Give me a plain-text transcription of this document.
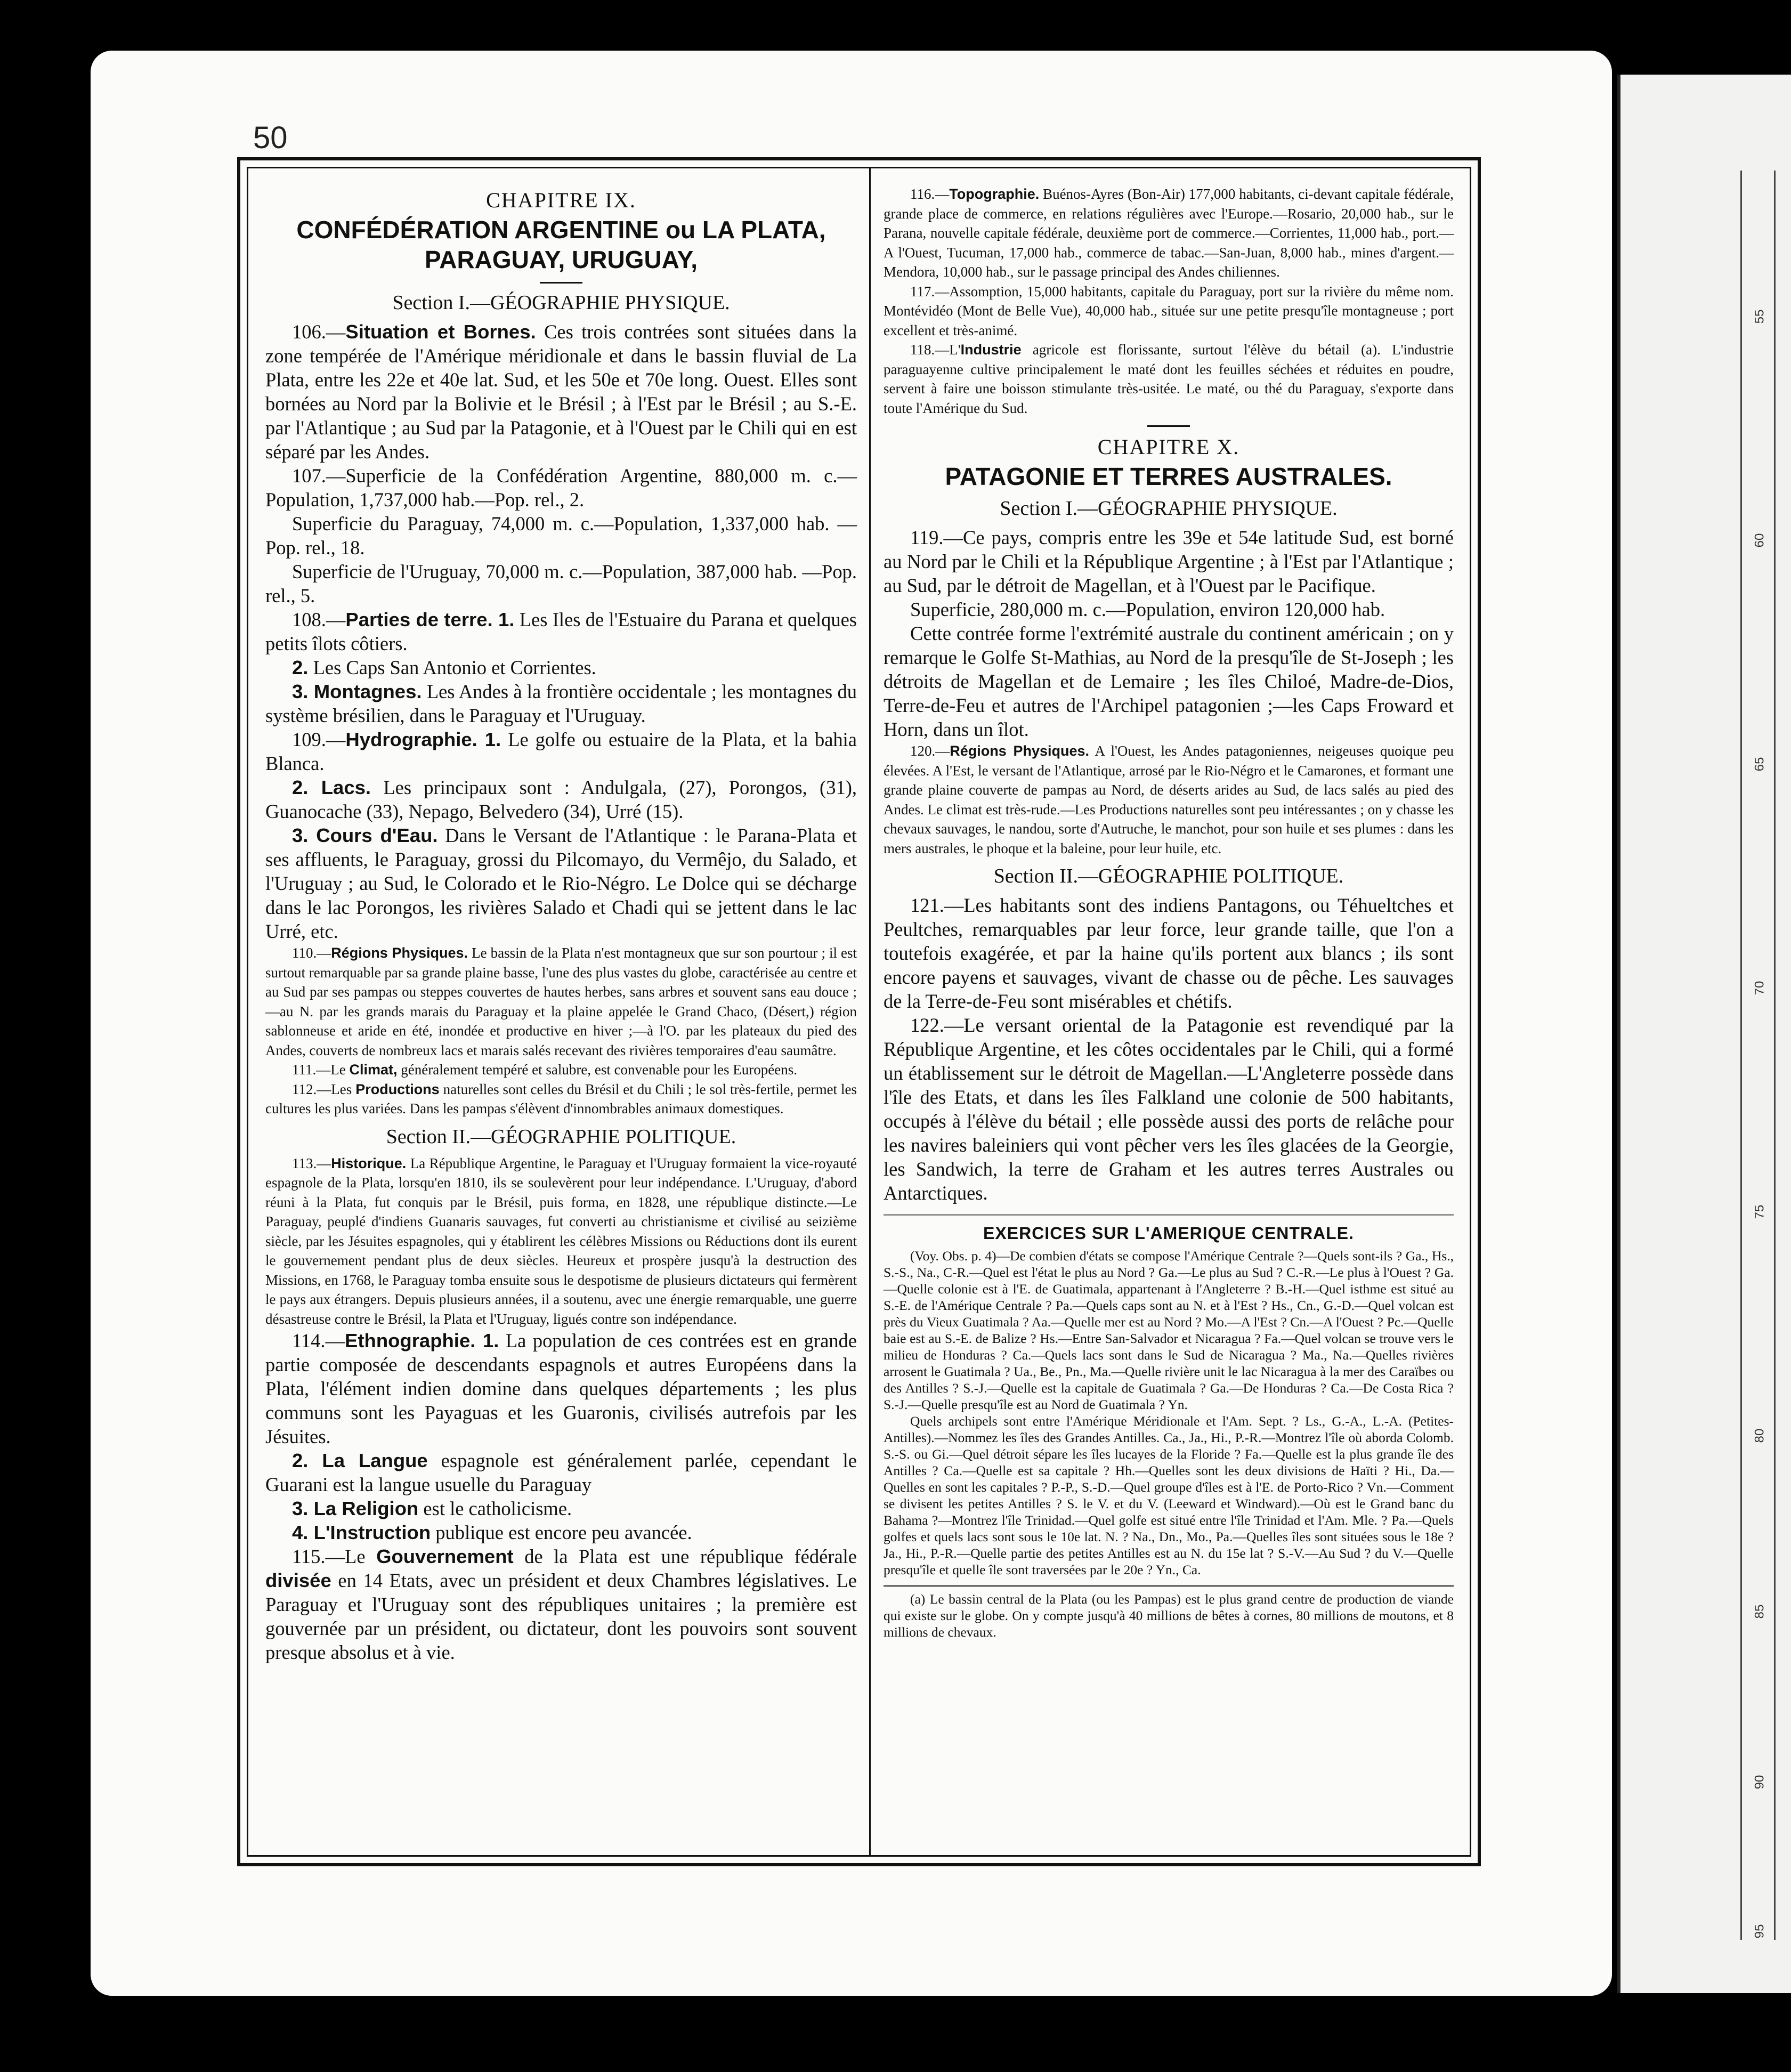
55
60
65
70
75
80
85
90
95
50
CHAPITRE IX.
CONFÉDÉRATION ARGENTINE ou LA PLATA,
PARAGUAY, URUGUAY,
Section I.—GÉOGRAPHIE PHYSIQUE.

106.—Situation et Bornes. Ces trois contrées sont situées dans la zone tempérée de l'Amérique méridionale et dans le bassin fluvial de La Plata, entre les 22e et 40e lat. Sud, et les 50e et 70e long. Ouest. Elles sont bornées au Nord par la Bolivie et le Brésil ; à l'Est par le Brésil ; au S.-E. par l'Atlantique ; au Sud par la Patagonie, et à l'Ouest par le Chili qui en est séparé par les Andes.

107.—Superficie de la Confédération Argentine, 880,000 m. c.—Population, 1,737,000 hab.—Pop. rel., 2.

Superficie du Paraguay, 74,000 m. c.—Population, 1,337,000 hab. —Pop. rel., 18.

Superficie de l'Uruguay, 70,000 m. c.—Population, 387,000 hab. —Pop. rel., 5.

108.—Parties de terre. 1. Les Iles de l'Estuaire du Parana et quelques petits îlots côtiers.

2. Les Caps San Antonio et Corrientes.

3. Montagnes. Les Andes à la frontière occidentale ; les montagnes du système brésilien, dans le Paraguay et l'Uruguay.

109.—Hydrographie. 1. Le golfe ou estuaire de la Plata, et la bahia Blanca.

2. Lacs. Les principaux sont : Andulgala, (27), Porongos, (31), Guanocache (33), Nepago, Belvedero (34), Urré (15).

3. Cours d'Eau. Dans le Versant de l'Atlantique : le Parana-Plata et ses affluents, le Paraguay, grossi du Pilcomayo, du Vermêjo, du Salado, et l'Uruguay ; au Sud, le Colorado et le Rio-Négro. Le Dolce qui se décharge dans le lac Porongos, les rivières Salado et Chadi qui se jettent dans le lac Urré, etc.

110.—Régions Physiques. Le bassin de la Plata n'est montagneux que sur son pourtour ; il est surtout remarquable par sa grande plaine basse, l'une des plus vastes du globe, caractérisée au centre et au Sud par ses pampas ou steppes couvertes de hautes herbes, sans arbres et souvent sans eau douce ;—au N. par les grands marais du Paraguay et la plaine appelée le Grand Chaco, (Désert,) région sablonneuse et aride en été, inondée et productive en hiver ;—à l'O. par les plateaux du pied des Andes, couverts de nombreux lacs et marais salés recevant des rivières temporaires d'eau saumâtre.

111.—Le Climat, généralement tempéré et salubre, est convenable pour les Européens.

112.—Les Productions naturelles sont celles du Brésil et du Chili ; le sol très-fertile, permet les cultures les plus variées. Dans les pampas s'élèvent d'innombrables animaux domestiques.

Section II.—GÉOGRAPHIE POLITIQUE.

113.—Historique. La République Argentine, le Paraguay et l'Uruguay formaient la vice-royauté espagnole de la Plata, lorsqu'en 1810, ils se soulevèrent pour leur indépendance. L'Uruguay, d'abord réuni à la Plata, fut conquis par le Brésil, puis forma, en 1828, une république distincte.—Le Paraguay, peuplé d'indiens Guanaris sauvages, fut converti au christianisme et civilisé au seizième siècle, par les Jésuites espagnoles, qui y établirent les célèbres Missions ou Réductions dont ils eurent le gouvernement pendant plus de deux siècles. Heureux et prospère jusqu'à la destruction des Missions, en 1768, le Paraguay tomba ensuite sous le despotisme de plusieurs dictateurs qui fermèrent le pays aux étrangers. Depuis plusieurs années, il a soutenu, avec une énergie remarquable, une guerre désastreuse contre le Brésil, la Plata et l'Uruguay, ligués contre son indépendance.

114.—Ethnographie. 1. La population de ces contrées est en grande partie composée de descendants espagnols et autres Européens dans la Plata, l'élément indien domine dans quelques départements ; les plus communs sont les Payaguas et les Guaronis, civilisés autrefois par les Jésuites.

2. La Langue espagnole est généralement parlée, cependant le Guarani est la langue usuelle du Paraguay

3. La Religion est le catholicisme.

4. L'Instruction publique est encore peu avancée.

115.—Le Gouvernement de la Plata est une république fédérale divisée en 14 Etats, avec un président et deux Chambres législatives. Le Paraguay et l'Uruguay sont des républiques unitaires ; la première est gouvernée par un président, ou dictateur, dont les pouvoirs sont souvent presque absolus et à vie.

116.—Topographie. Buénos-Ayres (Bon-Air) 177,000 habitants, ci-devant capitale fédérale, grande place de commerce, en relations régulières avec l'Europe.—Rosario, 20,000 hab., sur le Parana, nouvelle capitale fédérale, deuxième port de commerce.—Corrientes, 11,000 hab., port.—A l'Ouest, Tucuman, 17,000 hab., commerce de tabac.—San-Juan, 8,000 hab., mines d'argent.—Mendora, 10,000 hab., sur le passage principal des Andes chiliennes.

117.—Assomption, 15,000 habitants, capitale du Paraguay, port sur la rivière du même nom. Montévidéo (Mont de Belle Vue), 40,000 hab., située sur une petite presqu'île montagneuse ; port excellent et très-animé.

118.—L'Industrie agricole est florissante, surtout l'élève du bétail (a). L'industrie paraguayenne cultive principalement le maté dont les feuilles séchées et réduites en poudre, servent à faire une boisson stimulante très-usitée. Le maté, ou thé du Paraguay, s'exporte dans toute l'Amérique du Sud.

CHAPITRE X.
PATAGONIE ET TERRES AUSTRALES.
Section I.—GÉOGRAPHIE PHYSIQUE.

119.—Ce pays, compris entre les 39e et 54e latitude Sud, est borné au Nord par le Chili et la République Argentine ; à l'Est par l'Atlantique ; au Sud, par le détroit de Magellan, et à l'Ouest par le Pacifique.

Superficie, 280,000 m. c.—Population, environ 120,000 hab.

Cette contrée forme l'extrémité australe du continent américain ; on y remarque le Golfe St-Mathias, au Nord de la presqu'île de St-Joseph ; les détroits de Magellan et de Lemaire ; les îles Chiloé, Madre-de-Dios, Terre-de-Feu et autres de l'Archipel patagonien ;—les Caps Froward et Horn, dans un îlot.

120.—Régions Physiques. A l'Ouest, les Andes patagoniennes, neigeuses quoique peu élevées. A l'Est, le versant de l'Atlantique, arrosé par le Rio-Négro et le Camarones, et formant une grande plaine couverte de pampas au Nord, de déserts arides au Sud, de lacs salés au pied des Andes. Le climat est très-rude.—Les Productions naturelles sont peu intéressantes ; on y chasse les chevaux sauvages, le nandou, sorte d'Autruche, le manchot, pour son huile et ses plumes : dans les mers australes, le phoque et la baleine, pour leur huile, etc.

Section II.—GÉOGRAPHIE POLITIQUE.

121.—Les habitants sont des indiens Pantagons, ou Téhueltches et Peultches, remarquables par leur force, leur grande taille, que l'on a toutefois exagérée, et par la haine qu'ils portent aux blancs ; ils sont encore payens et sauvages, vivant de chasse ou de pêche. Les sauvages de la Terre-de-Feu sont misérables et chétifs.

122.—Le versant oriental de la Patagonie est revendiqué par la République Argentine, et les côtes occidentales par le Chili, qui a formé un établissement sur le détroit de Magellan.—L'Angleterre possède dans l'île des Etats, et dans les îles Falkland une colonie de 500 habitants, occupés à l'élève du bétail ; elle possède aussi des ports de relâche pour les navires baleiniers qui vont pêcher vers les îles glacées de la Georgie, les Sandwich, la terre de Graham et les autres terres Australes ou Antarctiques.

EXERCICES SUR L'AMERIQUE CENTRALE.

(Voy. Obs. p. 4)—De combien d'états se compose l'Amérique Centrale ?—Quels sont-ils ? Ga., Hs., S.-S., Na., C-R.—Quel est l'état le plus au Nord ? Ga.—Le plus au Sud ? C.-R.—Le plus à l'Ouest ? Ga.—Quelle colonie est à l'E. de Guatimala, appartenant à l'Angleterre ? B.-H.—Quel isthme est situé au S.-E. de l'Amérique Centrale ? Pa.—Quels caps sont au N. et à l'Est ? Hs., Cn., G.-D.—Quel volcan est près du Vieux Guatimala ? Aa.—Quelle mer est au Nord ? Mo.—A l'Est ? Cn.—A l'Ouest ? Pc.—Quelle baie est au S.-E. de Balize ? Hs.—Entre San-Salvador et Nicaragua ? Fa.—Quel volcan se trouve vers le milieu de Honduras ? Ca.—Quels lacs sont dans le Sud de Nicaragua ? Ma., Na.—Quelles rivières arrosent le Guatimala ? Ua., Be., Pn., Ma.—Quelle rivière unit le lac Nicaragua à la mer des Caraïbes ou des Antilles ? S.-J.—Quelle est la capitale de Guatimala ? Ga.—De Honduras ? Ca.—De Costa Rica ? S.-J.—Quelle presqu'île est au Nord de Guatimala ? Yn.

Quels archipels sont entre l'Amérique Méridionale et l'Am. Sept. ? Ls., G.-A., L.-A. (Petites-Antilles).—Nommez les îles des Grandes Antilles. Ca., Ja., Hi., P.-R.—Montrez l'île où aborda Colomb. S.-S. ou Gi.—Quel détroit sépare les îles lucayes de la Floride ? Fa.—Quelle est la plus grande île des Antilles ? Ca.—Quelle est sa capitale ? Hh.—Quelles sont les deux divisions de Haïti ? Hi., Da.—Quelles en sont les capitales ? P.-P., S.-D.—Quel groupe d'îles est à l'E. de Porto-Rico ? Vn.—Comment se divisent les petites Antilles ? S. le V. et du V. (Leeward et Windward).—Où est le Grand banc du Bahama ?—Montrez l'île Trinidad.—Quel golfe est situé entre l'île Trinidad et l'Am. Mle. ? Pa.—Quels golfes et quels lacs sont sous le 10e lat. N. ? Na., Dn., Mo., Pa.—Quelles îles sont situées sous le 18e ? Ja., Hi., P.-R.—Quelle partie des petites Antilles est au N. du 15e lat ? S.-V.—Au Sud ? du V.—Quelle presqu'île et quelle île sont traversées par le 20e ? Yn., Ca.

(a) Le bassin central de la Plata (ou les Pampas) est le plus grand centre de production de viande qui existe sur le globe. On y compte jusqu'à 40 millions de bêtes à cornes, 80 millions de moutons, et 8 millions de chevaux.
